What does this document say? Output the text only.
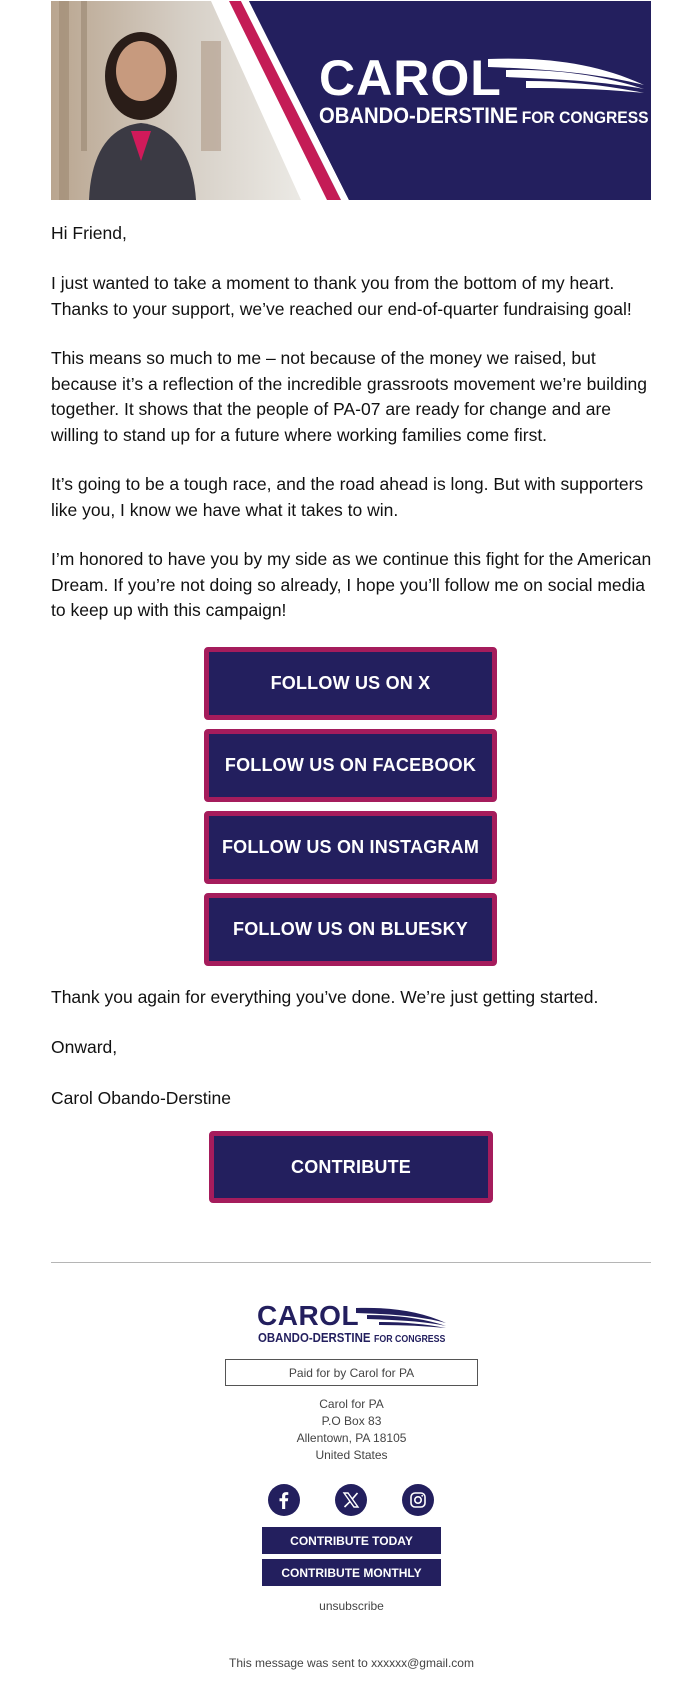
CAROL
OBANDO-DERSTINE FOR CONGRESS
Hi Friend,
I just wanted to take a moment to thank you from the bottom of my heart. Thanks to your support, we’ve reached our end-of-quarter fundraising goal!
This means so much to me – not because of the money we raised, but because it’s a reflection of the incredible grassroots movement we’re building together. It shows that the people of PA-07 are ready for change and are willing to stand up for a future where working families come first.
It’s going to be a tough race, and the road ahead is long. But with supporters like you, I know we have what it takes to win.
I’m honored to have you by my side as we continue this fight for the American Dream. If you’re not doing so already, I hope you’ll follow me on social media to keep up with this campaign!
FOLLOW US ON X
FOLLOW US ON FACEBOOK
FOLLOW US ON INSTAGRAM
FOLLOW US ON BLUESKY
Thank you again for everything you’ve done. We’re just getting started.
Onward,
Carol Obando-Derstine
CONTRIBUTE
CAROL
OBANDO-DERSTINE FOR CONGRESS
Paid for by Carol for PA
Carol for PA
P.O Box 83
Allentown, PA 18105
United States
CONTRIBUTE TODAY
CONTRIBUTE MONTHLY
unsubscribe
This message was sent to xxxxxx@gmail.com
